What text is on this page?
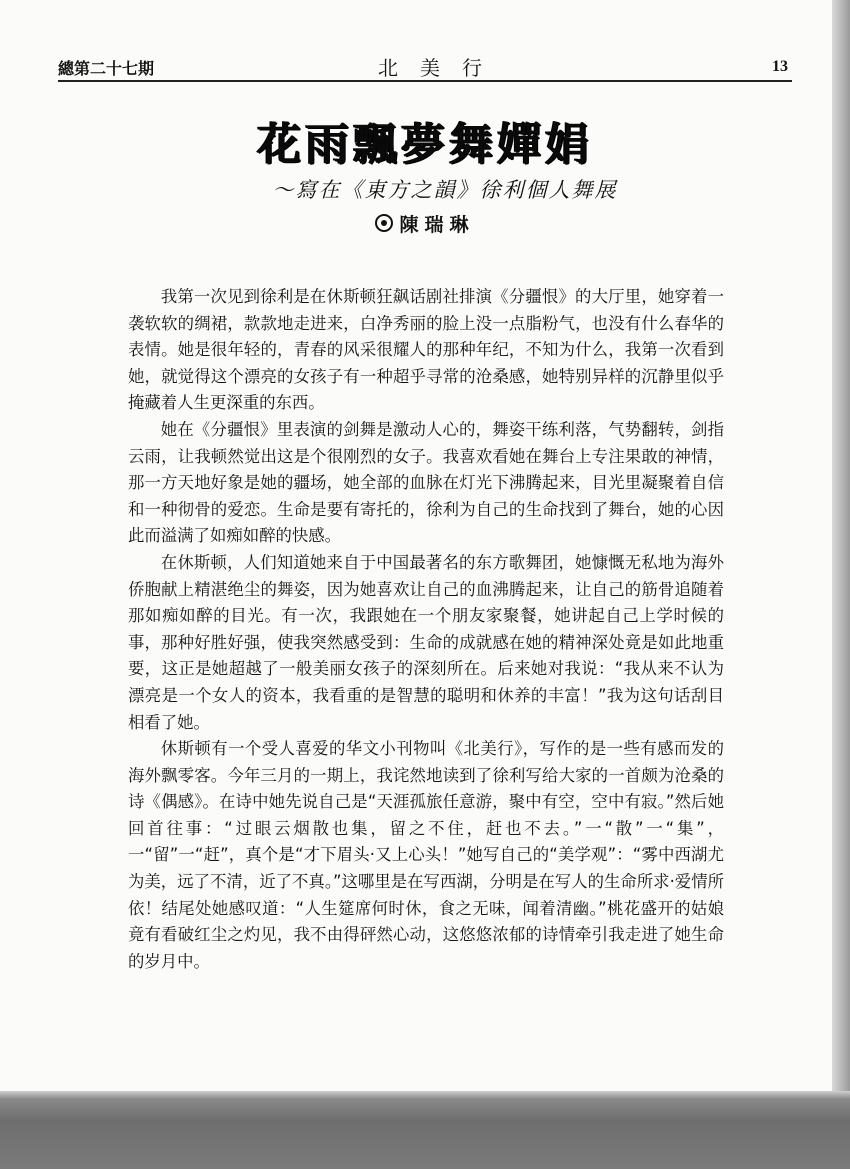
總第二十七期	北美行	13
花雨飄夢舞嬋娟
～寫在《東方之韻》徐利個人舞展
陳瑞琳

我第一次见到徐利是在休斯顿狂飙话剧社排演《分疆恨》的大厅里，她穿着一袭软软的绸裙，款款地走进来，白净秀丽的脸上没一点脂粉气，也没有什么春华的表情。她是很年轻的，青春的风采很耀人的那种年纪，不知为什么，我第一次看到她，就觉得这个漂亮的女孩子有一种超乎寻常的沧桑感，她特别异样的沉静里似乎掩藏着人生更深重的东西。

她在《分疆恨》里表演的剑舞是激动人心的，舞姿干练利落，气势翻转，剑指云雨，让我顿然觉出这是个很刚烈的女子。我喜欢看她在舞台上专注果敢的神情，那一方天地好象是她的疆场，她全部的血脉在灯光下沸腾起来，目光里凝聚着自信和一种彻骨的爱恋。生命是要有寄托的，徐利为自己的生命找到了舞台，她的心因此而溢满了如痴如醉的快感。

在休斯顿，人们知道她来自于中国最著名的东方歌舞团，她慷慨无私地为海外侨胞献上精湛绝尘的舞姿，因为她喜欢让自己的血沸腾起来，让自己的筋骨追随着那如痴如醉的目光。有一次，我跟她在一个朋友家聚餐，她讲起自己上学时候的事，那种好胜好强，使我突然感受到：生命的成就感在她的精神深处竟是如此地重要，这正是她超越了一般美丽女孩子的深刻所在。后来她对我说：“我从来不认为漂亮是一个女人的资本，我看重的是智慧的聪明和休养的丰富！”我为这句话刮目相看了她。

休斯顿有一个受人喜爱的华文小刊物叫《北美行》，写作的是一些有感而发的海外飘零客。今年三月的一期上，我诧然地读到了徐利写给大家的一首颇为沧桑的诗《偶感》。在诗中她先说自己是“天涯孤旅任意游，聚中有空，空中有寂。”然后她回首往事：“过眼云烟散也集，留之不住，赶也不去。”一“散”一“集”，一“留”一“赶”，真个是“才下眉头·又上心头！”她写自己的“美学观”：“雾中西湖尤为美，远了不清，近了不真。”这哪里是在写西湖，分明是在写人的生命所求·爱情所依！结尾处她感叹道：“人生筵席何时休，食之无味，闻着清幽。”桃花盛开的姑娘竟有看破红尘之灼见，我不由得砰然心动，这悠悠浓郁的诗情牵引我走进了她生命的岁月中。
